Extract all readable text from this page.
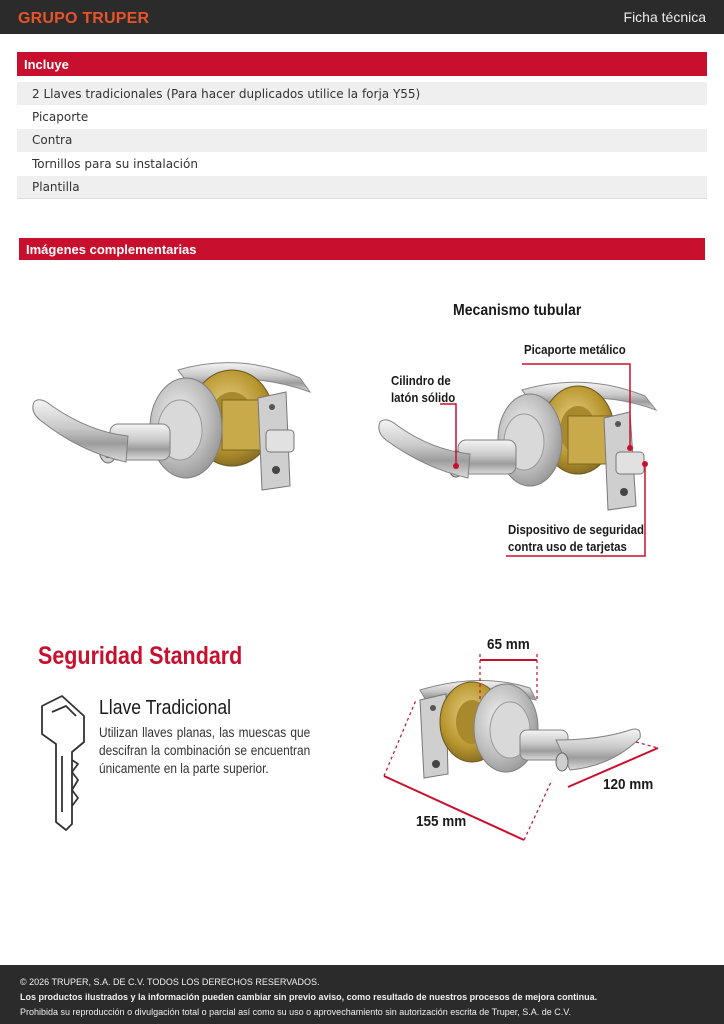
GRUPO TRUPER	Ficha técnica
Incluye
2 Llaves tradicionales (Para hacer duplicados utilice la forja Y55)
Picaporte
Contra
Tornillos para su instalación
Plantilla
Imágenes complementarias
Mecanismo tubular
Cilindro de
latón sólido
Picaporte metálico
Dispositivo de seguridad
contra uso de tarjetas
Seguridad Standard
Llave Tradicional
Utilizan llaves planas, las muescas que descifran la combinación se encuentran únicamente en la parte superior.
65 mm
120 mm
155 mm
© 2026 TRUPER, S.A. DE C.V. TODOS LOS DERECHOS RESERVADOS.
Los productos ilustrados y la información pueden cambiar sin previo aviso, como resultado de nuestros procesos de mejora continua.
Prohibida su reproducción o divulgación total o parcial así como su uso o aprovechamiento sin autorización escrita de Truper, S.A. de C.V.
